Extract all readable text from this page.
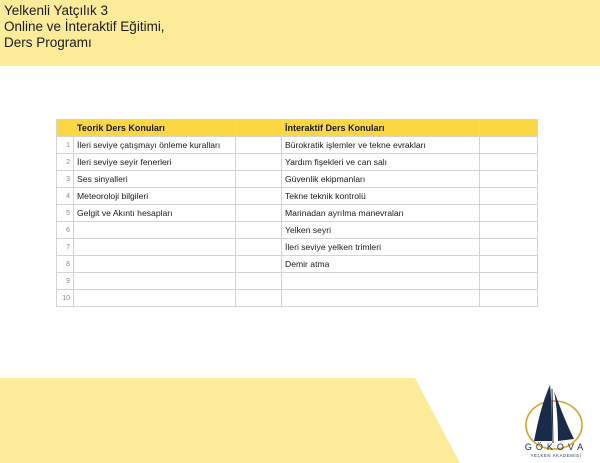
Yelkenli Yatçılık 3
Online ve İnteraktif Eğitimi,
Ders Programı
	Teorik Ders Konuları		İnteraktif Ders Konuları	
1	İleri seviye çatışmayı önleme kuralları		Bürokratik işlemler ve tekne evrakları	
2	İleri seviye seyir fenerleri		Yardım fişekleri ve can salı	
3	Ses sinyalleri		Güvenlik ekipmanları	
4	Meteoroloji bilgileri		Tekne teknik kontrolü	
5	Gelgit ve Akıntı hesapları		Marinadan ayrılma manevraları	
6			Yelken seyri	
7			İleri seviye yelken trimleri	
8			Demir atma	
9				
10				
GÖKOVA
YELKEN AKADEMİSİ
